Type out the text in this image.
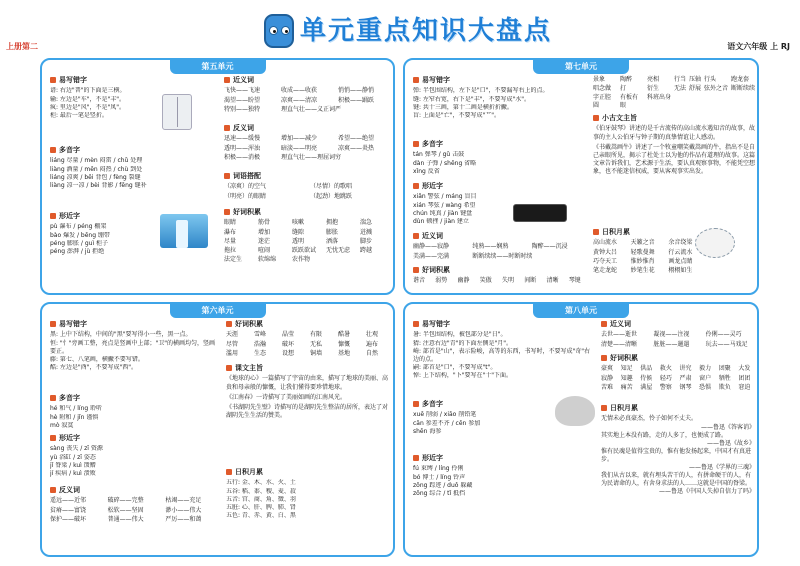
上册第二
单元重点知识大盘点
语文六年级 上 RJ
第五单元
易写错字
谱: 右边"普"的下面是三横。
输: 左边是"车"，不是"丰"。
疯: 里边是"风"，不是"凤"。
柜: 最后一笔是竖折。
多音字
liáng 尽量 / mèn 闷雷 / chǔ 处理
liàng 酒量 / mēn 闷热 / chù 到处
liáng 凉爽 / bēi 背包 / fèng 裂缝
liàng 凉一凉 / bèi 背影 / fēng 缝补
形近字
pù 瀑布 / péng 棚架
bào 爆发 / bēng 绷带
péng 膨胀 / guì 柜子
péng 澎湃 / jù 拒绝
近义词
飞快——飞速	收成——收获	悄悄——静悄
渴望——盼望	凉爽——清凉	积极——踊跃
特别——独特	理直气壮——义正词严
反义词
迅速——缓慢	增加——减少	希望——绝望
透明——浑浊	暗淡——明亮	凉爽——炎热
积极——消极	理直气壮——理屈词穷
词语搭配
（凉爽）的空气	（尽情）的歌唱
（明亮）的眼睛	（起劲）地跳跃
好词积累
眼睛	筋骨	咳嗽	拥抱	湍急
瀑布	增加	缝隙	膨胀	迸溅
尽量	迷茫	透明	洒落	脚步
拖拉	喧闹	跃跃欲试	无忧无虑	跨越
法定生	软绵绵	农作物
第七单元
易写错字
弹: 半包围结构，左下是"口"，不要漏写右上的点。
缝: 左窄右宽，右下是"丰"，不要写成"水"。
键: 共十三画，第十二画是横折折撇。
盲: 上面是"亡"，不要写成"艹"。
多音字
tán 弹琴 / gǔ 击鼓
dàn 子弹 / shēng 省略
xǐng 反省
形近字
xiǎn 警弦 / máng 盲目
xián 琴弦 / wàng 希望
chún 纯真 / jiàn 键盘
dùn 顿挫 / jiàn 建立
近义词
幽静——寂静	纯熟——娴熟	陶醉——沉浸
美满——完满	断断续续——时断时续
好词积累
谐音	弱势	幽静	笑傲	失明	间断	清晰	琴键
景象	陶醉	亮相	行当 压轴 行头	跑龙套
唱念做	打	衍生	无法 舒展 弦外之音 断断续续
字正腔圆
有板有眼
科班出身
小古文主旨
《伯牙鼓琴》讲述的是千古流传的高山流水遇知音的故事，故事的主人公伯牙与钟子期的真挚情谊让人感动。
《书戴嵩画牛》讲述了一个牧童嘲笑戴嵩画的牛，指出不是自己亲眼所见，揭示了杜处士以为他的作品有道理的故事。这篇文章告诉我们，艺术源于生活，要认真观察事物，不能凭空想象，也不能迷信权威，要从客观事实出发。
日积月累
高山流水	天籁之音	余音绕梁
黄钟大吕	轻歌曼舞	行云流水
巧夺天工	惟妙惟肖	画龙点睛
笔走龙蛇	妙笔生花	栩栩如生
第六单元
易写错字
黑: 上中下结构，中间的"黑"要写得小一些，黑一点。
恒: "忄"旁画工整，亮点是竖画中上部；"卫"的横画均匀，竖画要正。
藤: 第七、八笔画，横撇不要写错。
酷: 左边是"酉"，不要写成"西"。
多音字
hé 和气 / líng 聆听
hè 附和 / jǐn 谨慎
mò 寂寞
形近字
sàng 丧失 / zī 资源
yù 浴缸 / zī 姿态
jǐ 脊梁 / kuì 馈赠
jí 疾病 / kuì 溃败
反义词
遥远——近邻	破碎——完整	枯竭——充足
贫瘠——富饶	松软——坚固	渺小——伟大
保护——破坏	普通——伟大	严厉——和蔼
好词积累
天涯	雪峰	晶莹	有限	酷暑	壮观
尽管	浩瀚	破坏	无私	慷慨	遍布
滥用	生态	设想	铜墙	基地	自然
课文主旨
《地球的心》一篇描写了宇宙的由来，描写了地球的美丽、高贵和母亲般的慷慨，让我们懂得要珍惜地球。
《江南春》一诗描写了美丽如画的江南风光。
《书湖阴先生壁》诗描写的是湖阴先生整洁的居所，表达了对湖阴先生生活的赞美。
日积月累
五行: 金、木、水、火、土
五谷: 稻、黍、稷、麦、菽
五音: 宫、商、角、徵、羽
五脏: 心、肝、脾、肺、肾
五色: 青、赤、黄、白、黑
第八单元
易写错字
暑: 半包围结构，被包部分是"日"。
猜: 注意右边"青"的下面左侧是"月"。
崎: 部首是"山"，表示险峻，高等的东西，书写时，不要写成"奇"右边的点。
嗣: 部首是"口"，不要写成"t"。
悼: 上下结构，"卜"要写在"十"下面。
多音字
xuē 削弱 / xiāo 削铅笔
cān 参差不齐 / cēn 参加
shēn 海参
形近字
fú 束缚 / líng 伶俐
bó 博士 / líng 铃声
zōng 踪迹 / duǒ 躲藏
zōng 综合 / tǐ 抵挡
近义词
去世——逝世	凝视——注视	伶俐——灵巧
清楚——清晰	脏脏——邋遢	玩去——马戏足
好词积累
豪爽	知足	供品	救火	讲究	毅力	团聚	大发
寂静	知趣	侍候	轻巧	严肃	窗户	牺牲	团团
苦难	痛苦	满屋	警察	钢琴	恐惧	欺负	窘迫
日积月累
无情未必真豪杰，怜子如何不丈夫。
——鲁迅《答客诮》
其实地上本没有路，走的人多了，也便成了路。
——鲁迅《故乡》
惟有民魂是值得宝贵的，惟有他发扬起来，中国才有真进步。
——鲁迅《学界的三魂》
我们从古以来，就有埋头苦干的人，有拼命硬干的人，有为民请命的人，有舍身求法的人……这就是中国的脊梁。
——鲁迅《中国人失掉自信力了吗》
